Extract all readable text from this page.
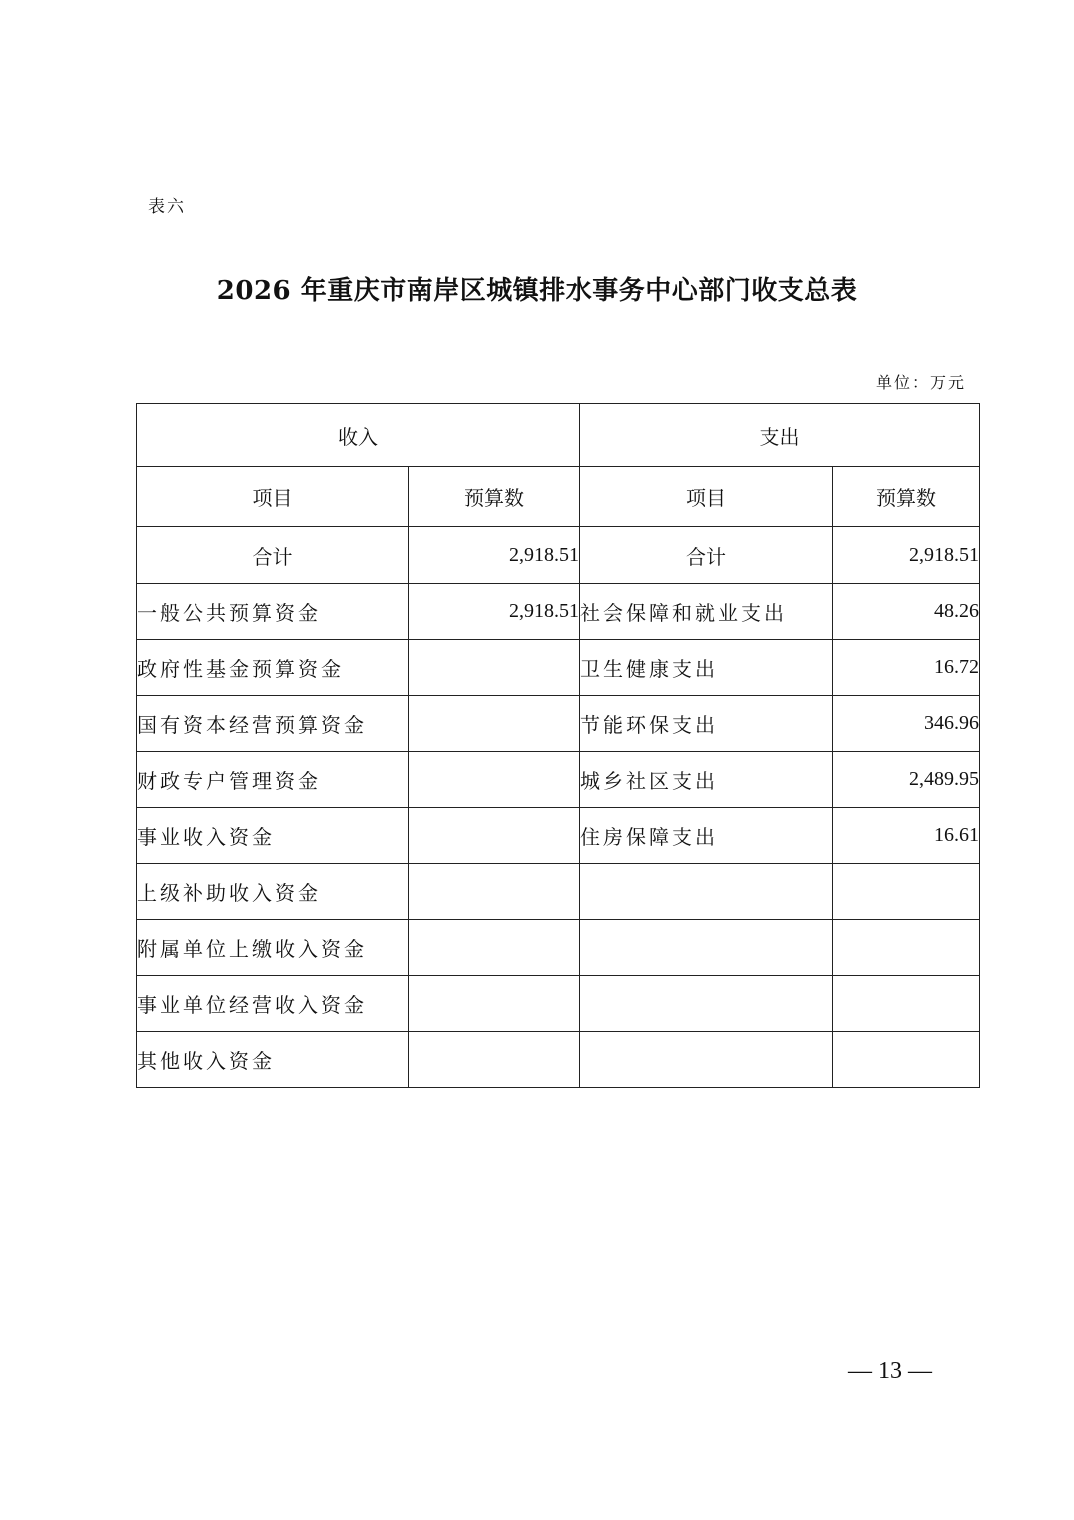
表六
2026 年重庆市南岸区城镇排水事务中心部门收支总表
单位：万元
收入		支出	
项目	预算数	项目	预算数
合计	2,918.51	合计	2,918.51
一般公共预算资金	2,918.51	社会保障和就业支出	48.26
政府性基金预算资金		卫生健康支出	16.72
国有资本经营预算资金		节能环保支出	346.96
财政专户管理资金		城乡社区支出	2,489.95
事业收入资金		住房保障支出	16.61
上级补助收入资金			
附属单位上缴收入资金			
事业单位经营收入资金			
其他收入资金			
— 13 —
